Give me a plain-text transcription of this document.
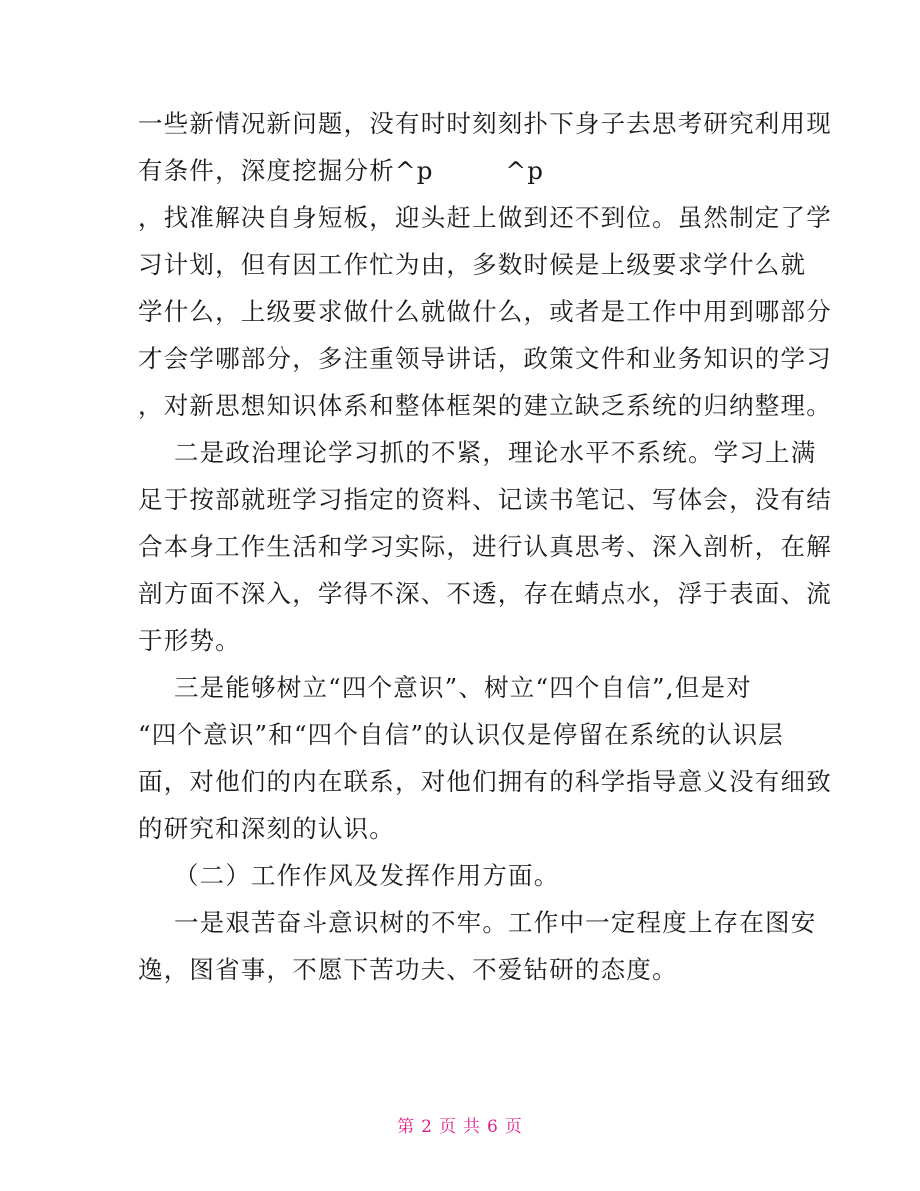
一些新情况新问题，没有时时刻刻扑下身子去思考研究利用现
有条件，深度挖掘分析^p        ^p
，找准解决自身短板，迎头赶上做到还不到位。虽然制定了学
习计划，但有因工作忙为由，多数时候是上级要求学什么就
学什么，上级要求做什么就做什么，或者是工作中用到哪部分
才会学哪部分，多注重领导讲话，政策文件和业务知识的学习
，对新思想知识体系和整体框架的建立缺乏系统的归纳整理。
二是政治理论学习抓的不紧，理论水平不系统。学习上满
足于按部就班学习指定的资料、记读书笔记、写体会，没有结
合本身工作生活和学习实际，进行认真思考、深入剖析，在解
剖方面不深入，学得不深、不透，存在蜻点水，浮于表面、流
于形势。
三是能够树立“四个意识”、树立“四个自信”,但是对
“四个意识”和“四个自信”的认识仅是停留在系统的认识层
面，对他们的内在联系，对他们拥有的科学指导意义没有细致
的研究和深刻的认识。
（二）工作作风及发挥作用方面。
一是艰苦奋斗意识树的不牢。工作中一定程度上存在图安
逸，图省事，不愿下苦功夫、不爱钻研的态度。
第 2 页 共 6 页
